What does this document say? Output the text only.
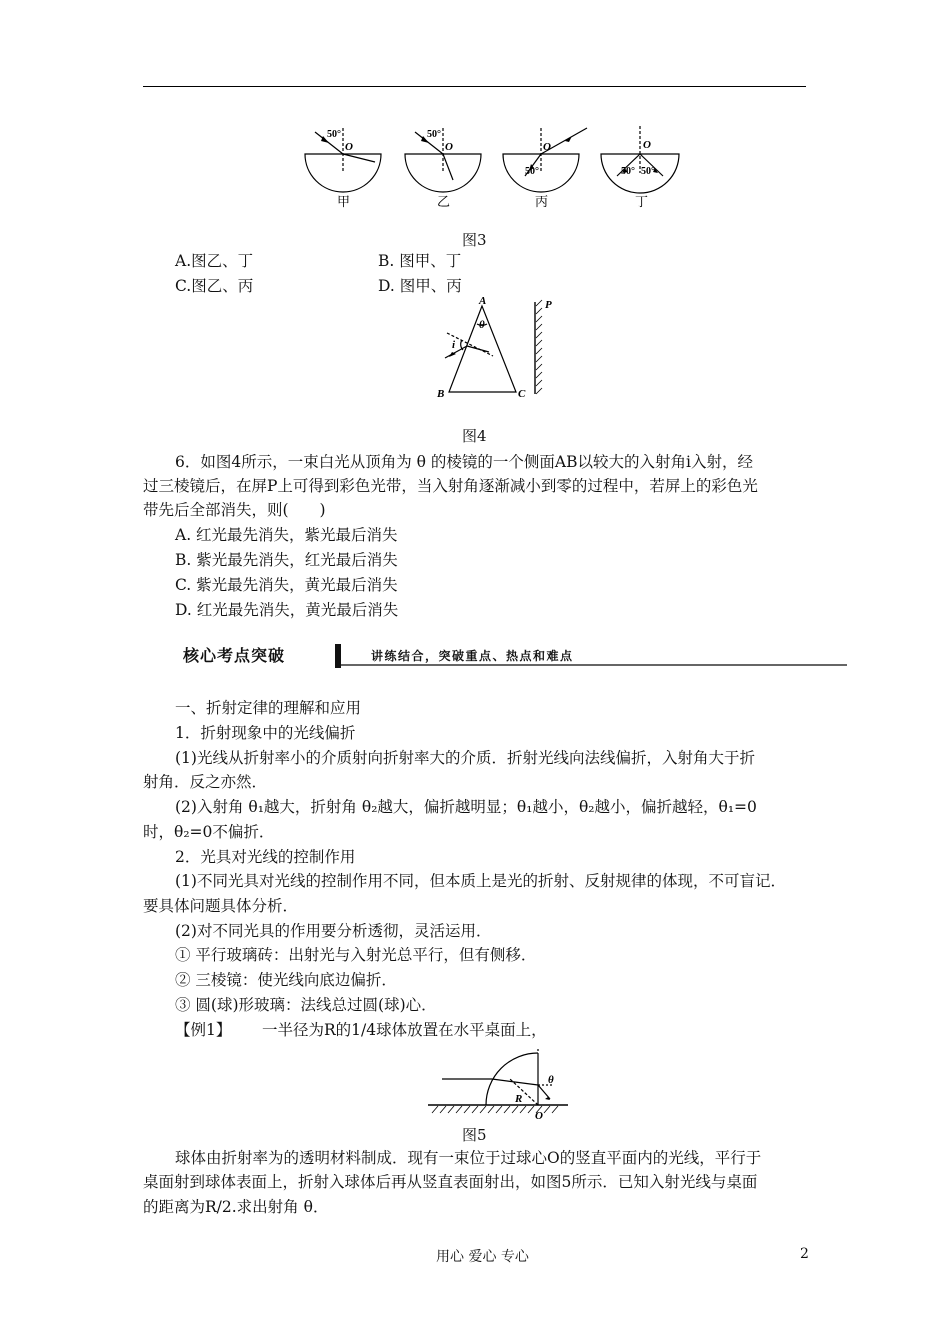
O	O	O	O
50°	50°
50°	50° 50°
甲	乙	丙	丁
图3
A.图乙、丁	B. 图甲、丁
C.图乙、丙	D. 图甲、丙
A
B	C
P
i
θ
图4
6．如图4所示，一束白光从顶角为 θ 的棱镜的一个侧面AB以较大的入射角i入射，经
过三棱镜后，在屏P上可得到彩色光带，当入射角逐渐减小到零的过程中，若屏上的彩色光
带先后全部消失，则(　　)
A. 红光最先消失，紫光最后消失
B. 紫光最先消失，红光最后消失
C. 紫光最先消失，黄光最后消失
D. 红光最先消失，黄光最后消失
核心考点突破	讲练结合，突破重点、热点和难点
一、折射定律的理解和应用
1．折射现象中的光线偏折
(1)光线从折射率小的介质射向折射率大的介质．折射光线向法线偏折，入射角大于折
射角．反之亦然．
(2)入射角 θ₁越大，折射角 θ₂越大，偏折越明显；θ₁越小，θ₂越小，偏折越轻，θ₁=0
时，θ₂=0不偏折．
2．光具对光线的控制作用
(1)不同光具对光线的控制作用不同，但本质上是光的折射、反射规律的体现，不可盲记．
要具体问题具体分析．
(2)对不同光具的作用要分析透彻，灵活运用．
① 平行玻璃砖：出射光与入射光总平行，但有侧移．
② 三棱镜：使光线向底边偏折．
③ 圆(球)形玻璃：法线总过圆(球)心．
【例1】 一半径为R的1/4球体放置在水平桌面上，
R
O
θ
图5
球体由折射率为的透明材料制成．现有一束位于过球心O的竖直平面内的光线，平行于
桌面射到球体表面上，折射入球体后再从竖直表面射出，如图5所示．已知入射光线与桌面
的距离为R/2.求出射角 θ．
用心 爱心 专心	2
